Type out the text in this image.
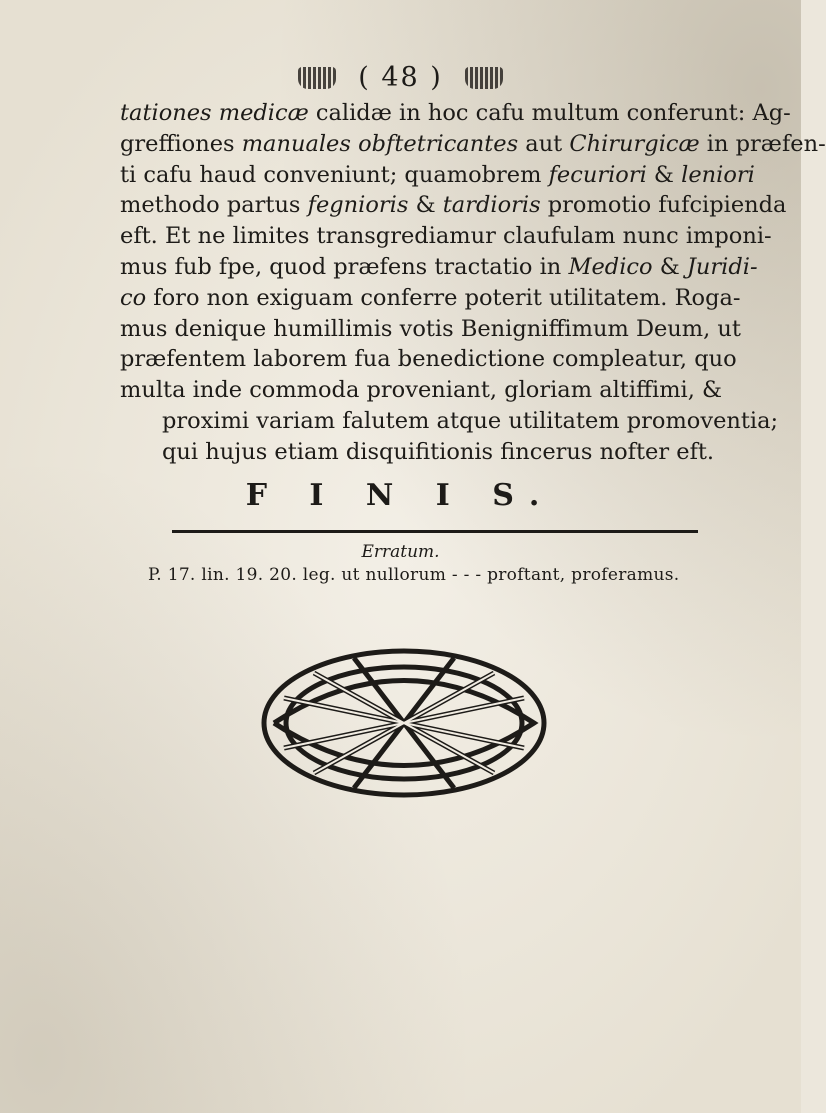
( 48 )
tationes medicæ calidæ in hoc cafu multum conferunt: Ag-
greffiones manuales obftetricantes aut Chirurgicæ in præfen-
ti cafu haud conveniunt; quamobrem fecuriori & leniori
methodo partus fegnioris & tardioris promotio fufcipienda
eft. Et ne limites transgrediamur claufulam nunc imponi-
mus fub fpe, quod præfens tractatio in Medico & Juridi-
co foro non exiguam conferre poterit utilitatem. Roga-
mus denique humillimis votis Benigniffimum Deum, ut
præfentem laborem fua benedictione compleatur, quo
multa inde commoda proveniant, gloriam altiffimi, &
proximi variam falutem atque utilitatem promoventia;
qui hujus etiam disquifitionis fincerus nofter eft.
F I N I S.
Erratum.
P. 17. lin. 19. 20. leg. ut nullorum - - - proftant, proferamus.
